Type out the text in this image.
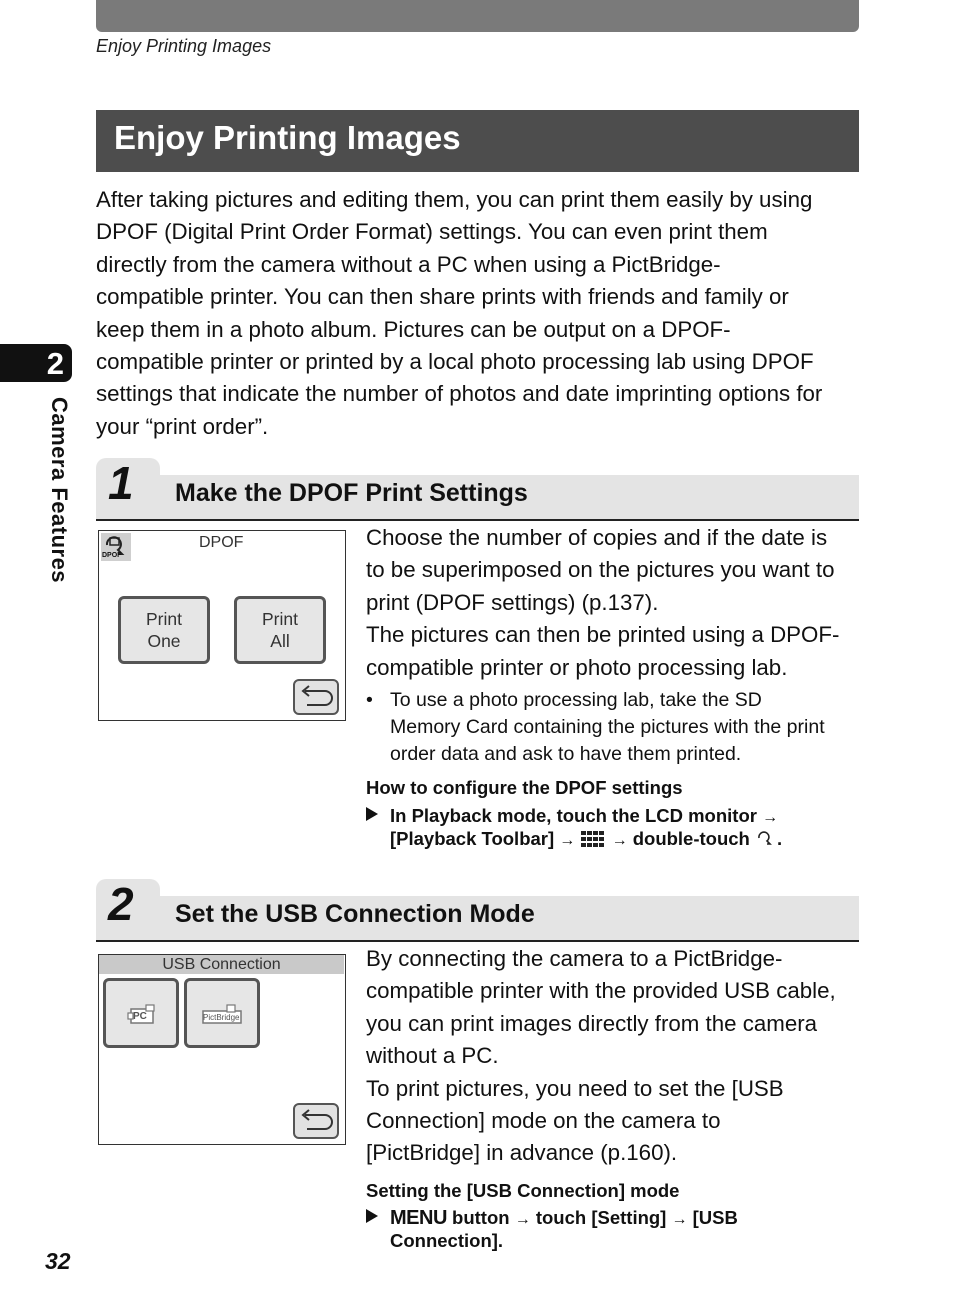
Enjoy Printing Images
Enjoy Printing Images
After taking pictures and editing them, you can print them easily by using
DPOF (Digital Print Order Format) settings. You can even print them
directly from the camera without a PC when using a PictBridge-
compatible printer. You can then share prints with friends and family or
keep them in a photo album. Pictures can be output on a DPOF-
compatible printer or printed by a local photo processing lab using DPOF
settings that indicate the number of photos and date imprinting options for
your “print order”.
2
Camera Features 1 Make the DPOF Print Settings
DPOF
DPOF
Print
One
Print
All
Choose the number of copies and if the date is
to be superimposed on the pictures you want to
print (DPOF settings) (p.137).
The pictures can then be printed using a DPOF-
compatible printer or photo processing lab.
• To use a photo processing lab, take the SD
Memory Card containing the pictures with the print
order data and ask to have them printed.
How to configure the DPOF settings
In Playback mode, touch the LCD monitor →
[Playback Toolbar] → → double-touch .
2 Set the USB Connection Mode
USB Connection
PC	PictBridge
By connecting the camera to a PictBridge-
compatible printer with the provided USB cable,
you can print images directly from the camera
without a PC.
To print pictures, you need to set the [USB
Connection] mode on the camera to
[PictBridge] in advance (p.160).
Setting the [USB Connection] mode
MENU button → touch [Setting] → [USB
Connection].
32
